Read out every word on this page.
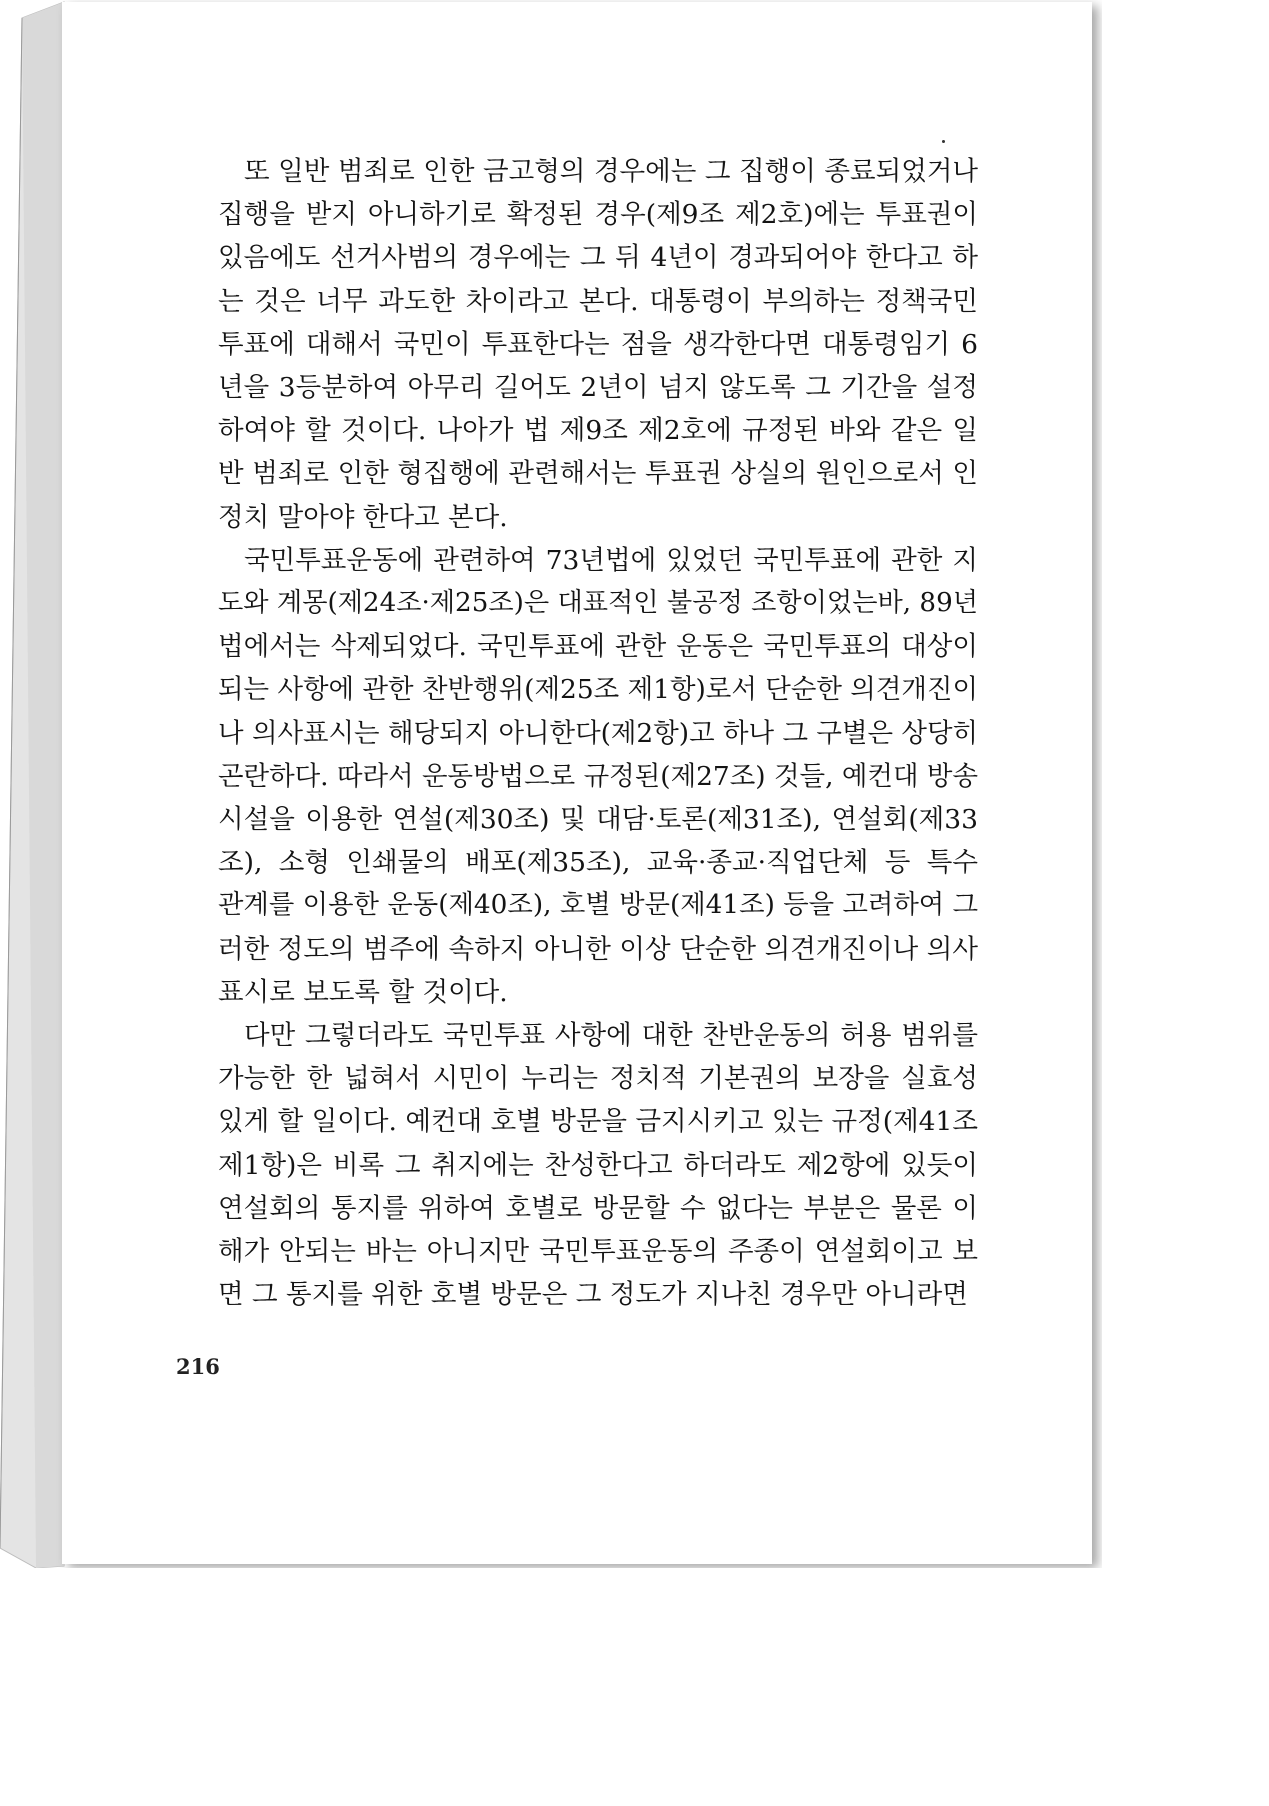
또 일반 범죄로 인한 금고형의 경우에는 그 집행이 종료되었거나
집행을 받지 아니하기로 확정된 경우(제9조 제2호)에는 투표권이
있음에도 선거사범의 경우에는 그 뒤 4년이 경과되어야 한다고 하
는 것은 너무 과도한 차이라고 본다. 대통령이 부의하는 정책국민
투표에 대해서 국민이 투표한다는 점을 생각한다면 대통령임기 6
년을 3등분하여 아무리 길어도 2년이 넘지 않도록 그 기간을 설정
하여야 할 것이다. 나아가 법 제9조 제2호에 규정된 바와 같은 일
반 범죄로 인한 형집행에 관련해서는 투표권 상실의 원인으로서 인
정치 말아야 한다고 본다.

국민투표운동에 관련하여 73년법에 있었던 국민투표에 관한 지
도와 계몽(제24조·제25조)은 대표적인 불공정 조항이었는바, 89년
법에서는 삭제되었다. 국민투표에 관한 운동은 국민투표의 대상이
되는 사항에 관한 찬반행위(제25조 제1항)로서 단순한 의견개진이
나 의사표시는 해당되지 아니한다(제2항)고 하나 그 구별은 상당히
곤란하다. 따라서 운동방법으로 규정된(제27조) 것들, 예컨대 방송
시설을 이용한 연설(제30조) 및 대담·토론(제31조), 연설회(제33
조), 소형 인쇄물의 배포(제35조), 교육·종교·직업단체 등 특수
관계를 이용한 운동(제40조), 호별 방문(제41조) 등을 고려하여 그
러한 정도의 범주에 속하지 아니한 이상 단순한 의견개진이나 의사
표시로 보도록 할 것이다.

다만 그렇더라도 국민투표 사항에 대한 찬반운동의 허용 범위를
가능한 한 넓혀서 시민이 누리는 정치적 기본권의 보장을 실효성
있게 할 일이다. 예컨대 호별 방문을 금지시키고 있는 규정(제41조
제1항)은 비록 그 취지에는 찬성한다고 하더라도 제2항에 있듯이
연설회의 통지를 위하여 호별로 방문할 수 없다는 부분은 물론 이
해가 안되는 바는 아니지만 국민투표운동의 주종이 연설회이고 보
면 그 통지를 위한 호별 방문은 그 정도가 지나친 경우만 아니라면

216
